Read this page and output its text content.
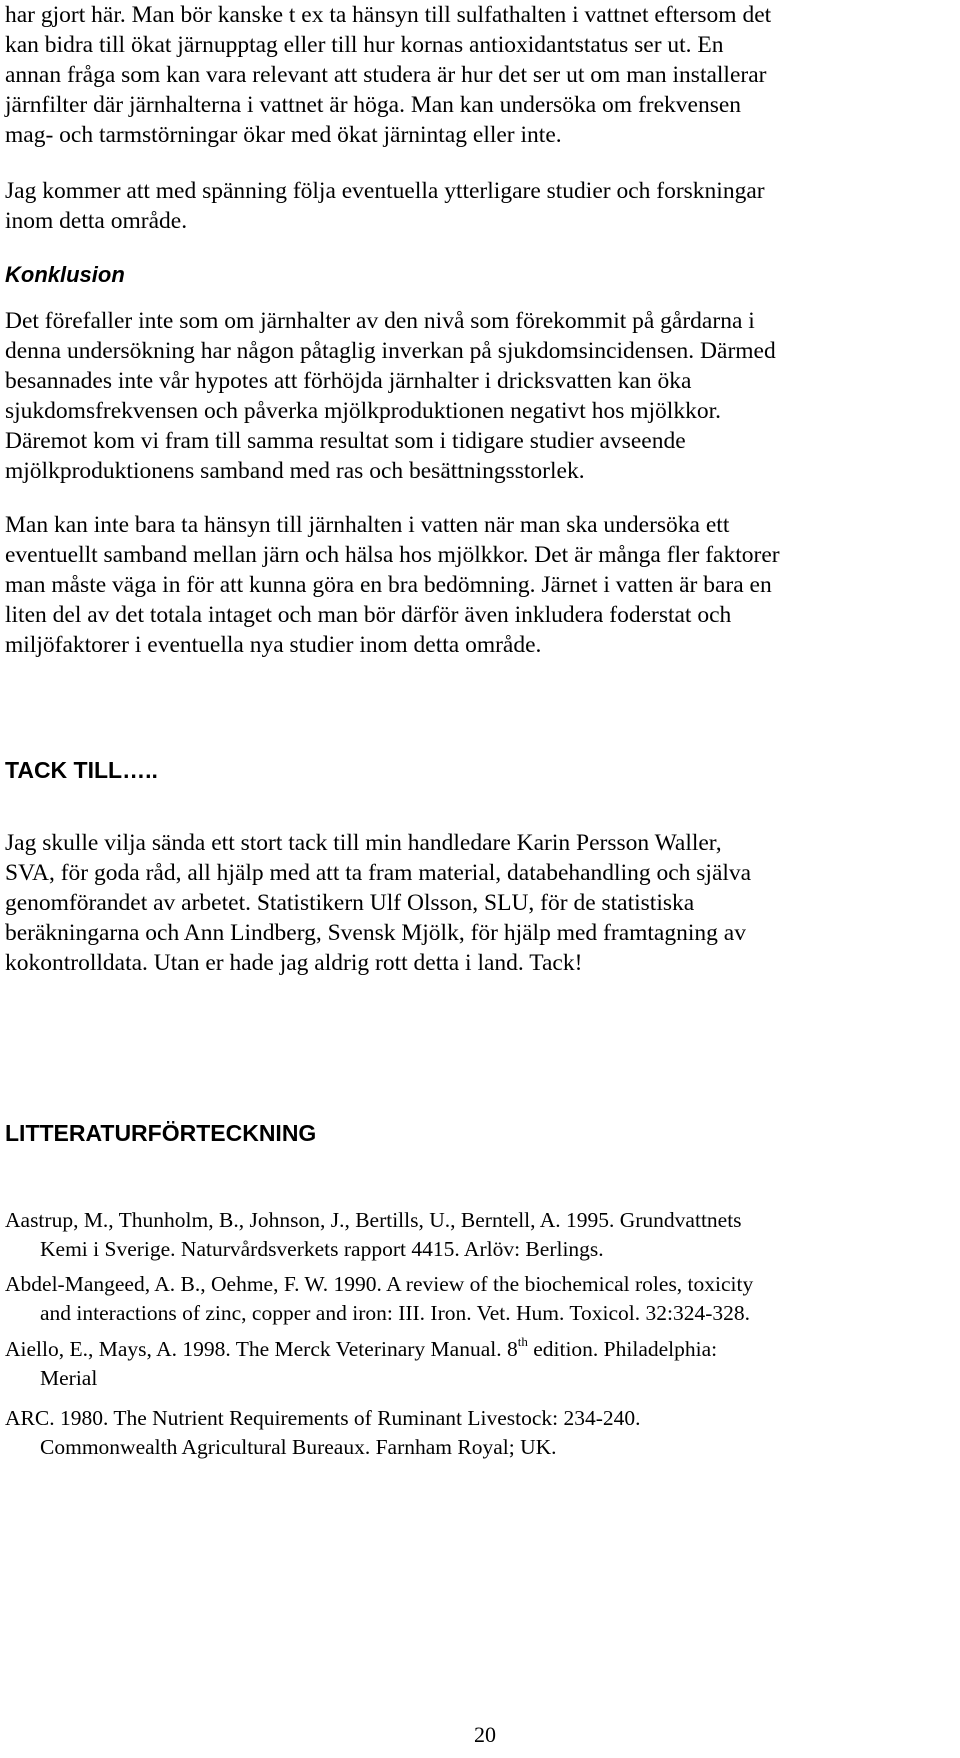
har gjort här. Man bör kanske t ex ta hänsyn till sulfathalten i vattnet eftersom det
kan bidra till ökat järnupptag eller till hur kornas antioxidantstatus ser ut. En
annan fråga som kan vara relevant att studera är hur det ser ut om man installerar
järnfilter där järnhalterna i vattnet är höga. Man kan undersöka om frekvensen
mag- och tarmstörningar ökar med ökat järnintag eller inte.

Jag kommer att med spänning följa eventuella ytterligare studier och forskningar
inom detta område.

Konklusion

Det förefaller inte som om järnhalter av den nivå som förekommit på gårdarna i
denna undersökning har någon påtaglig inverkan på sjukdomsincidensen. Därmed
besannades inte vår hypotes att förhöjda järnhalter i dricksvatten kan öka
sjukdomsfrekvensen och påverka mjölkproduktionen negativt hos mjölkkor.
Däremot kom vi fram till samma resultat som i tidigare studier avseende
mjölkproduktionens samband med ras och besättningsstorlek.

Man kan inte bara ta hänsyn till järnhalten i vatten när man ska undersöka ett
eventuellt samband mellan järn och hälsa hos mjölkkor. Det är många fler faktorer
man måste väga in för att kunna göra en bra bedömning. Järnet i vatten är bara en
liten del av det totala intaget och man bör därför även inkludera foderstat och
miljöfaktorer i eventuella nya studier inom detta område.

TACK TILL…..

Jag skulle vilja sända ett stort tack till min handledare Karin Persson Waller,
SVA, för goda råd, all hjälp med att ta fram material, databehandling och själva
genomförandet av arbetet. Statistikern Ulf Olsson, SLU, för de statistiska
beräkningarna och Ann Lindberg, Svensk Mjölk, för hjälp med framtagning av
kokontrolldata. Utan er hade jag aldrig rott detta i land. Tack!

LITTERATURFÖRTECKNING

Aastrup, M., Thunholm, B., Johnson, J., Bertills, U., Berntell, A. 1995. Grundvattnets
Kemi i Sverige. Naturvårdsverkets rapport 4415. Arlöv: Berlings.

Abdel-Mangeed, A. B., Oehme, F. W. 1990. A review of the biochemical roles, toxicity
and interactions of zinc, copper and iron: III. Iron. Vet. Hum. Toxicol. 32:324-328.

Aiello, E., Mays, A. 1998. The Merck Veterinary Manual. 8th edition. Philadelphia:
Merial

ARC. 1980. The Nutrient Requirements of Ruminant Livestock: 234-240.
Commonwealth Agricultural Bureaux. Farnham Royal; UK.

20
